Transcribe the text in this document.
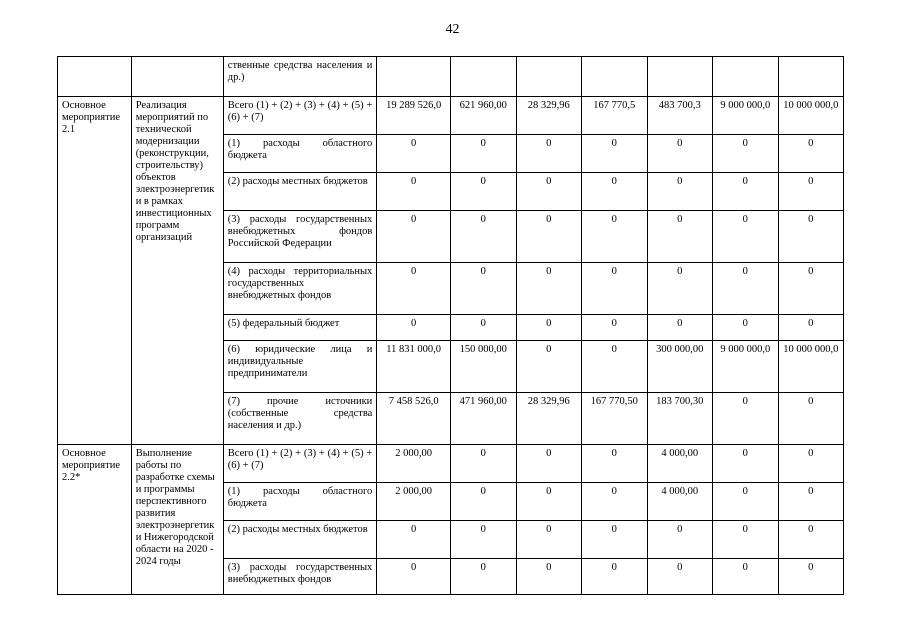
42
		ственные средства населения и др.)							
Основное мероприятие 2.1	Реализация мероприятий по технической модернизации (реконструкции, строительству) объектов электроэнергетики в рамках инвестиционных программ организаций	Всего (1) + (2) + (3) + (4) + (5) + (6) + (7)	19 289 526,0	621 960,00	28 329,96	167 770,5	483 700,3	9 000 000,0	10 000 000,0
		(1) расходы областного бюджета	0	0	0	0	0	0	0
		(2) расходы местных бюджетов	0	0	0	0	0	0	0
		(3) расходы государственных внебюджетных фондов Российской Федерации	0	0	0	0	0	0	0
		(4) расходы территориальных государственных внебюджетных фондов	0	0	0	0	0	0	0
		(5) федеральный бюджет	0	0	0	0	0	0	0
		(6) юридические лица и индивидуальные предприниматели	11 831 000,0	150 000,00	0	0	300 000,00	9 000 000,0	10 000 000,0
		(7) прочие источники (собственные средства населения и др.)	7 458 526,0	471 960,00	28 329,96	167 770,50	183 700,30	0	0
Основное мероприятие 2.2*	Выполнение работы по разработке схемы и программы перспективного развития электроэнергетики Нижегородской области на 2020 - 2024 годы	Всего (1) + (2) + (3) + (4) + (5) + (6) + (7)	2 000,00	0	0	0	4 000,00	0	0
		(1) расходы областного бюджета	2 000,00	0	0	0	4 000,00	0	0
		(2) расходы местных бюджетов	0	0	0	0	0	0	0
		(3) расходы государственных внебюджетных фондов	0	0	0	0	0	0	0
